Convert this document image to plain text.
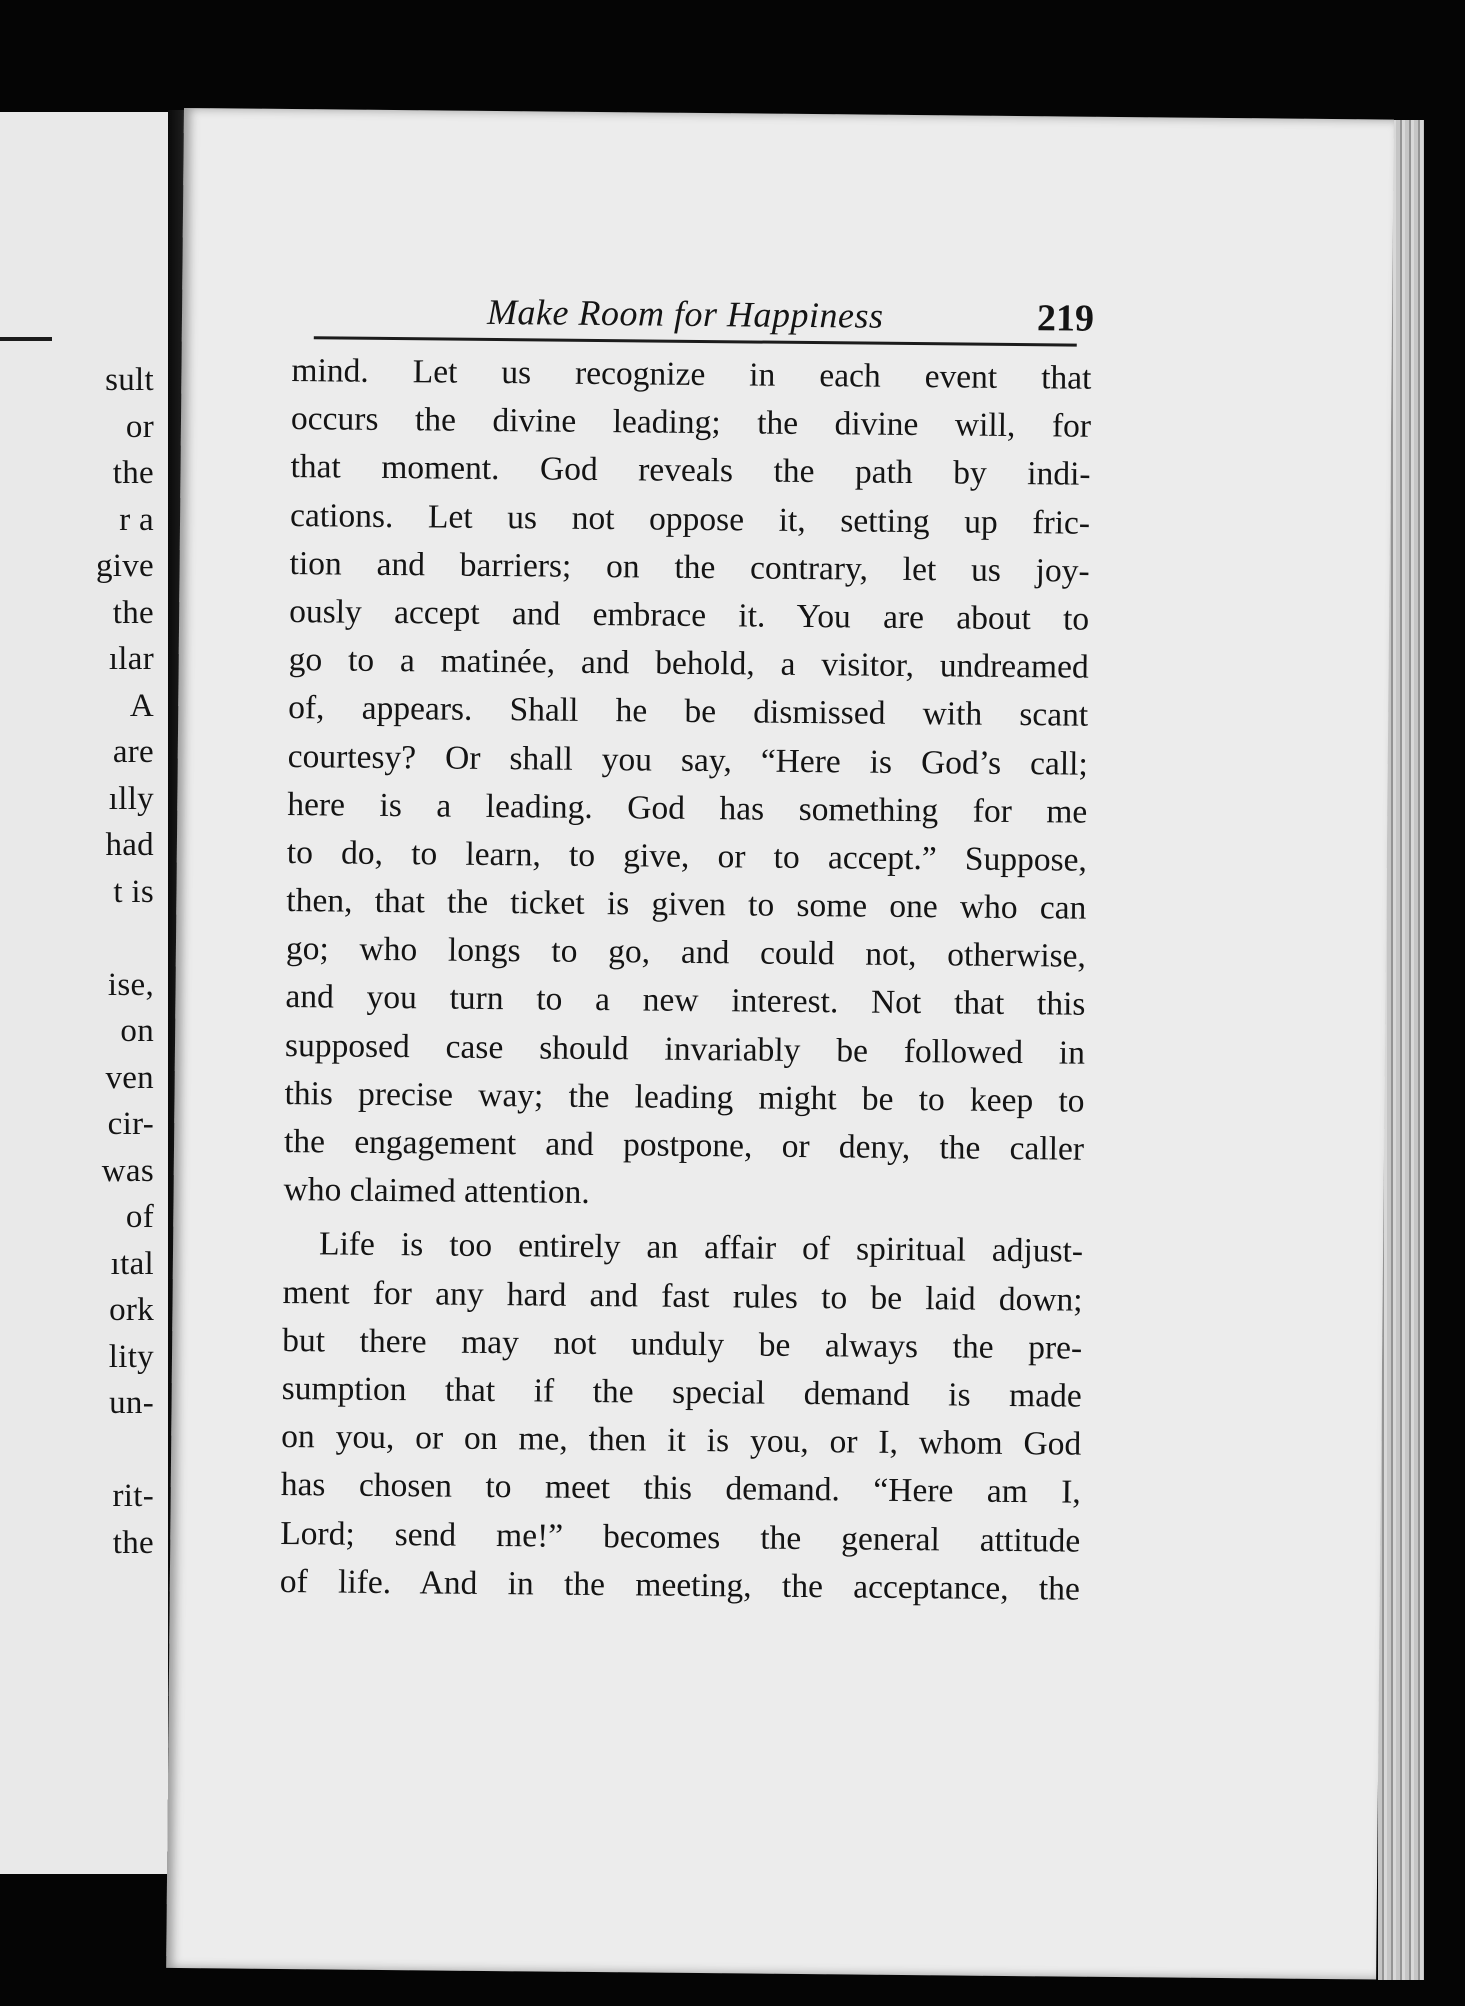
sult
or
the
r a
give
the
ılar
A
are
ılly
had
t is
ise,
on
ven
cir-
was
of
ıtal
ork
lity
un-
rit-
the
Make Room for Happiness	219
mind. Let us recognize in each event that
occurs the divine leading; the divine will, for
that moment. God reveals the path by indi-
cations. Let us not oppose it, setting up fric-
tion and barriers; on the contrary, let us joy-
ously accept and embrace it. You are about to
go to a matinée, and behold, a visitor, undreamed
of, appears. Shall he be dismissed with scant
courtesy? Or shall you say, “Here is God’s call;
here is a leading. God has something for me
to do, to learn, to give, or to accept.” Suppose,
then, that the ticket is given to some one who can
go; who longs to go, and could not, otherwise,
and you turn to a new interest. Not that this
supposed case should invariably be followed in
this precise way; the leading might be to keep to
the engagement and postpone, or deny, the caller
who claimed attention.
Life is too entirely an affair of spiritual adjust-
ment for any hard and fast rules to be laid down;
but there may not unduly be always the pre-
sumption that if the special demand is made
on you, or on me, then it is you, or I, whom God
has chosen to meet this demand. “Here am I,
Lord; send me!” becomes the general attitude
of life. And in the meeting, the acceptance, the
